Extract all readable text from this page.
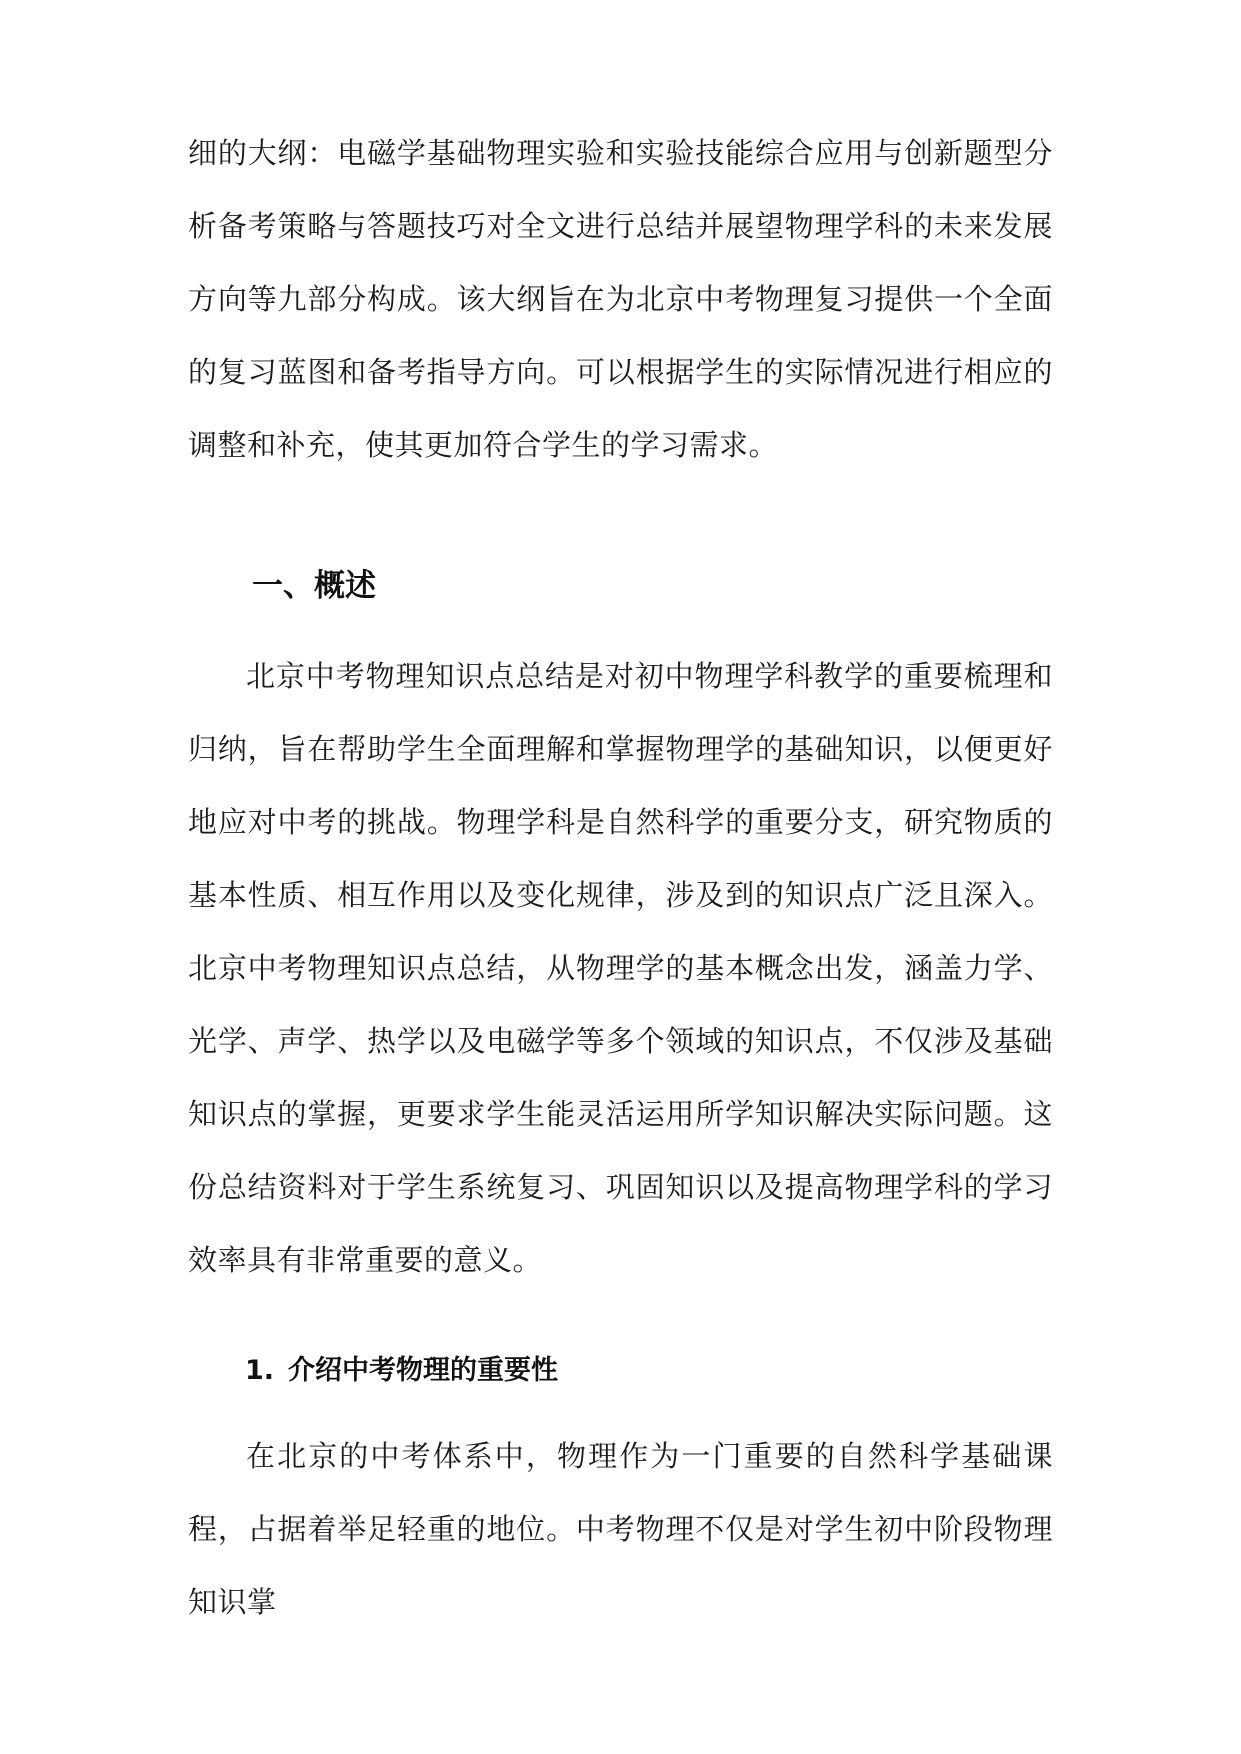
细的大纲：电磁学基础物理实验和实验技能综合应用与创新题型分析备考策略与答题技巧对全文进行总结并展望物理学科的未来发展方向等九部分构成。该大纲旨在为北京中考物理复习提供一个全面的复习蓝图和备考指导方向。可以根据学生的实际情况进行相应的调整和补充，使其更加符合学生的学习需求。

一、概述

北京中考物理知识点总结是对初中物理学科教学的重要梳理和归纳，旨在帮助学生全面理解和掌握物理学的基础知识，以便更好地应对中考的挑战。物理学科是自然科学的重要分支，研究物质的基本性质、相互作用以及变化规律，涉及到的知识点广泛且深入。北京中考物理知识点总结，从物理学的基本概念出发，涵盖力学、光学、声学、热学以及电磁学等多个领域的知识点，不仅涉及基础知识点的掌握，更要求学生能灵活运用所学知识解决实际问题。这份总结资料对于学生系统复习、巩固知识以及提高物理学科的学习效率具有非常重要的意义。

1. 介绍中考物理的重要性

在北京的中考体系中，物理作为一门重要的自然科学基础课程，占据着举足轻重的地位。中考物理不仅是对学生初中阶段物理知识掌
